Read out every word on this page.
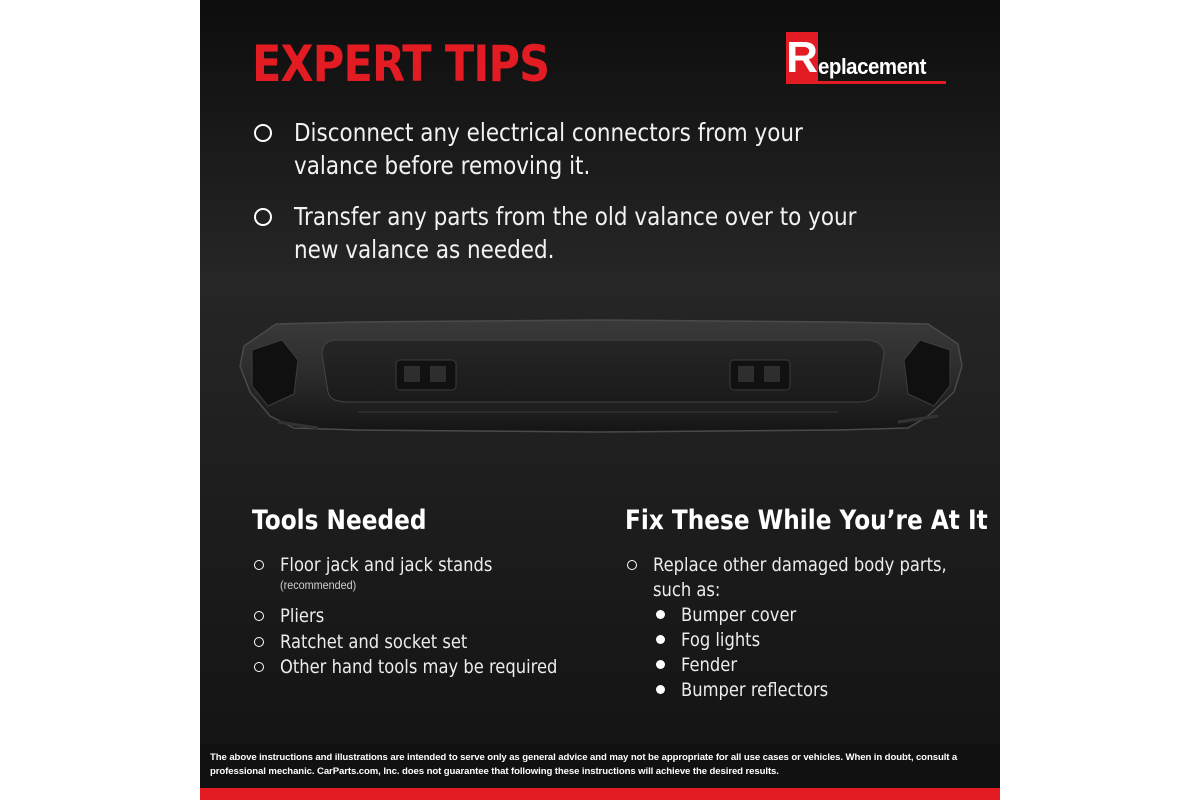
EXPERT TIPS	R eplacement
Disconnect any electrical connectors from your valance before removing it.
Transfer any parts from the old valance over to your new valance as needed.
Tools Needed
Floor jack and jack stands
(recommended)
Pliers
Ratchet and socket set
Other hand tools may be required
Fix These While You’re At It
Replace other damaged body parts,
such as:
Bumper cover
Fog lights
Fender
Bumper reflectors
The above instructions and illustrations are intended to serve only as general advice and may not be appropriate for all use cases or vehicles. When in doubt, consult a professional mechanic. CarParts.com, Inc. does not guarantee that following these instructions will achieve the desired results.
